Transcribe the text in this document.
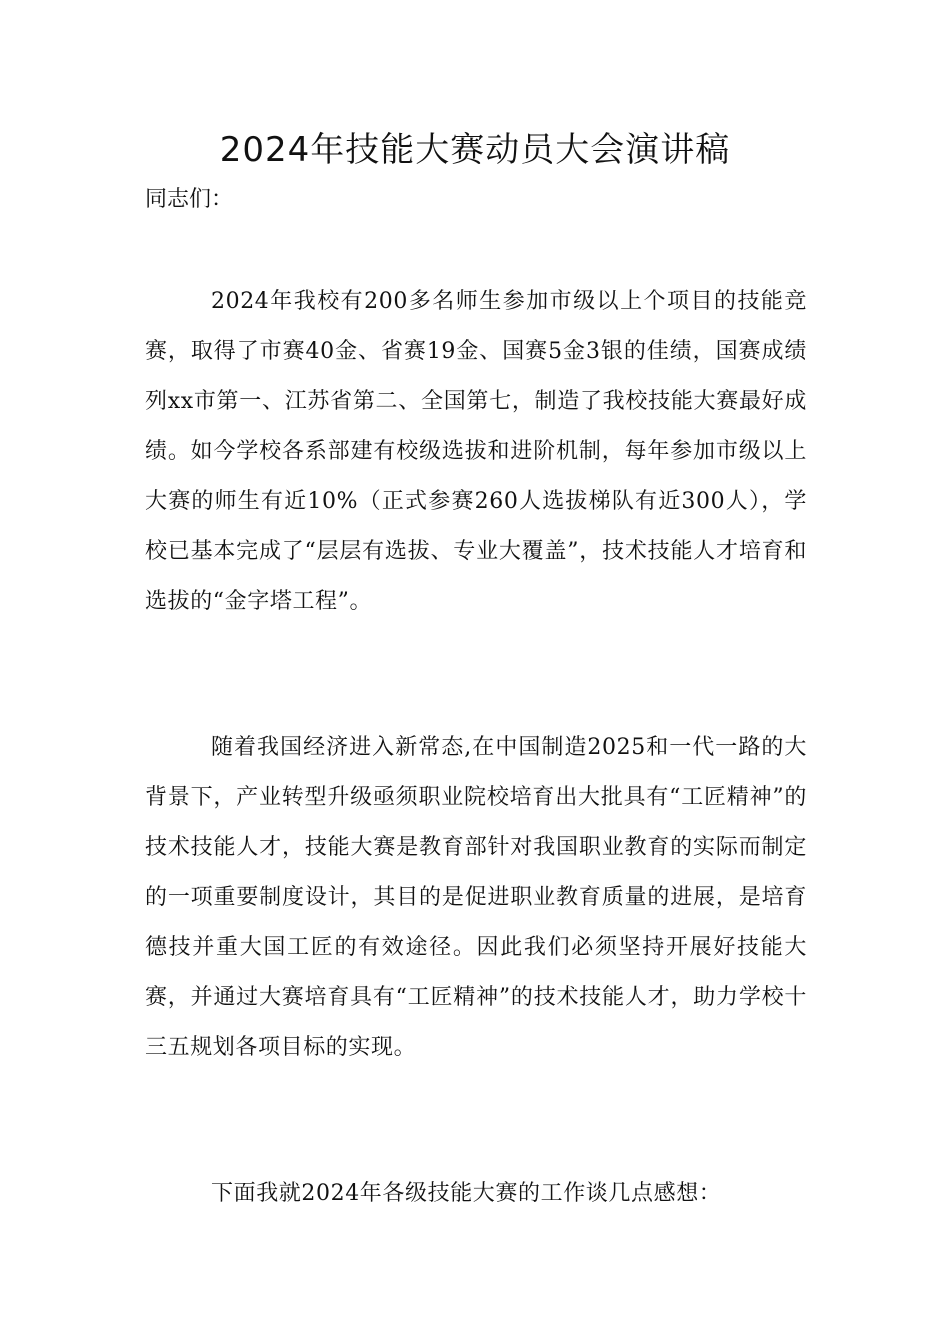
2024年技能大赛动员大会演讲稿

同志们：

2024年我校有200多名师生参加市级以上个项目的技能竞赛，取得了市赛40金、省赛19金、国赛5金3银的佳绩，国赛成绩列xx市第一、江苏省第二、全国第七，制造了我校技能大赛最好成绩。如今学校各系部建有校级选拔和进阶机制，每年参加市级以上大赛的师生有近10%（正式参赛260人选拔梯队有近300人），学校已基本完成了“层层有选拔、专业大覆盖”，技术技能人才培育和选拔的“金字塔工程”。

随着我国经济进入新常态,在中国制造2025和一代一路的大背景下，产业转型升级亟须职业院校培育出大批具有“工匠精神”的技术技能人才，技能大赛是教育部针对我国职业教育的实际而制定的一项重要制度设计，其目的是促进职业教育质量的进展，是培育德技并重大国工匠的有效途径。因此我们必须坚持开展好技能大赛，并通过大赛培育具有“工匠精神”的技术技能人才，助力学校十三五规划各项目标的实现。

下面我就2024年各级技能大赛的工作谈几点感想：
